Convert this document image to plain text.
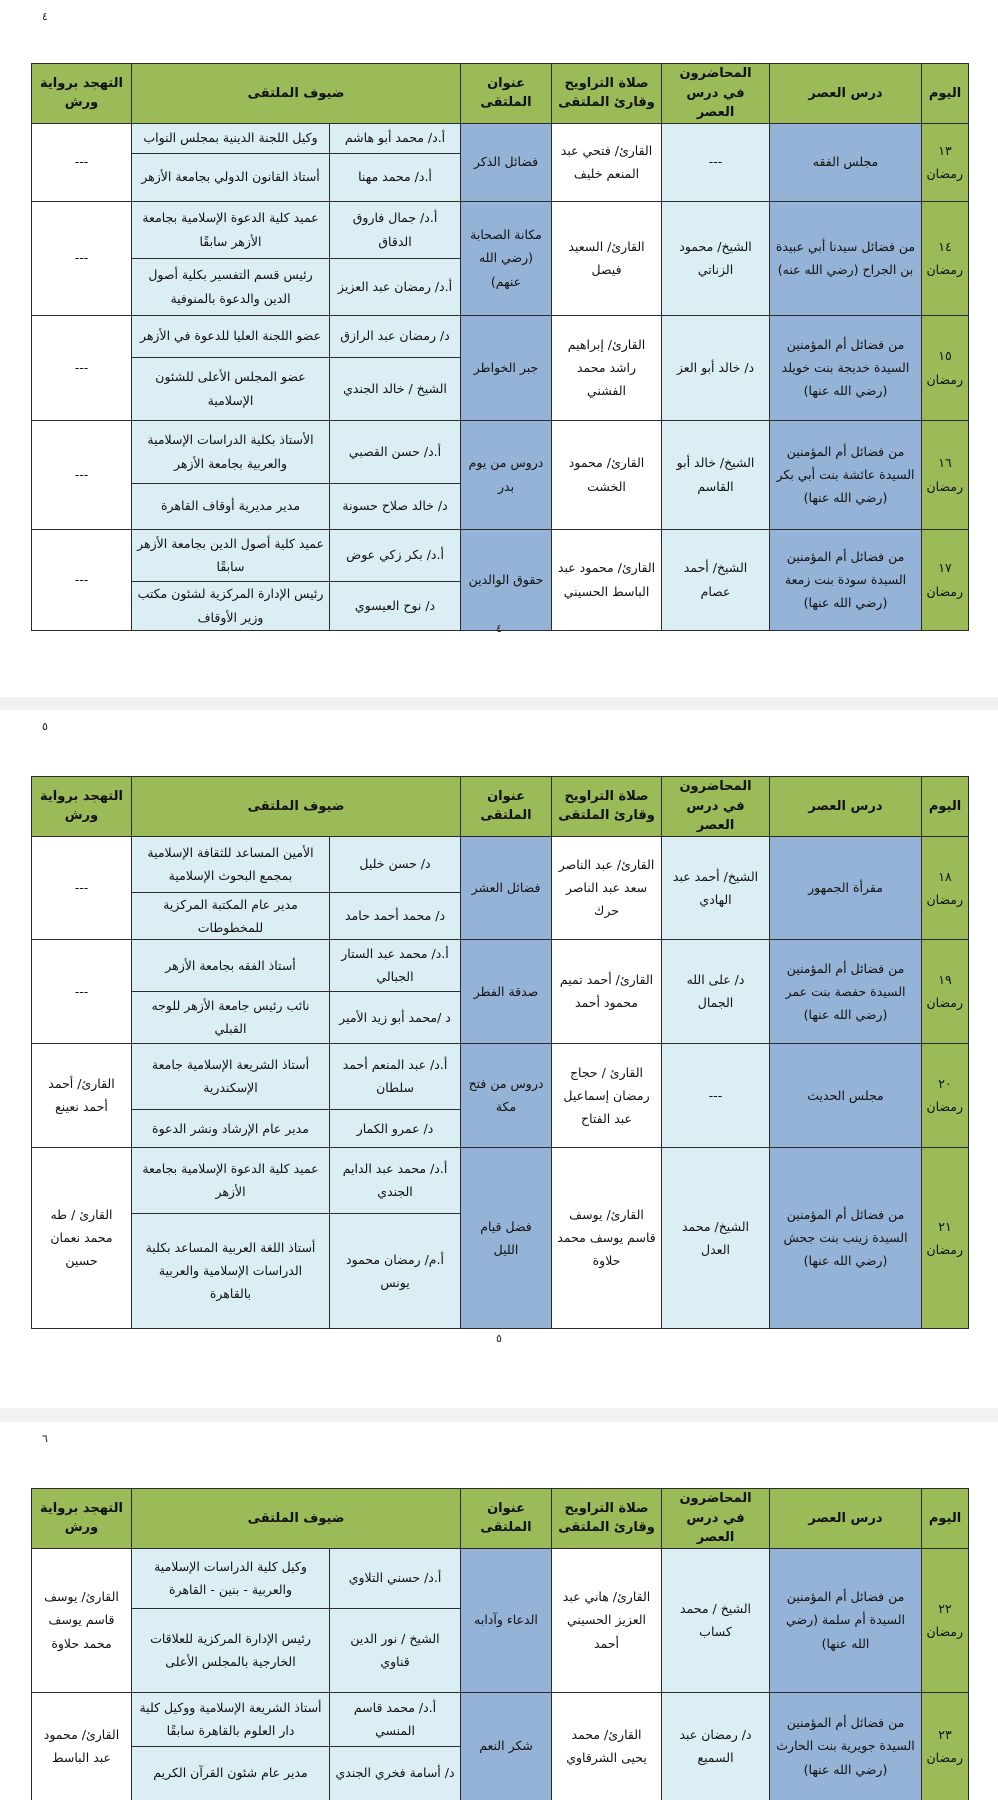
٤
اليوم	درس العصر	المحاضرون في درس العصر	صلاة التراويح وقارئ الملتقى	عنوان الملتقى	ضيوف الملتقى		التهجد برواية ورش
١٣ رمضان	مجلس الفقه	---	القارئ/ فتحي عبد المنعم خليف	فضائل الذكر	أ.د/ محمد أبو هاشم	وكيل اللجنة الدينية بمجلس النواب	---
					أ.د/ محمد مهنا	أستاذ القانون الدولي بجامعة الأزهر	
١٤ رمضان	من فضائل سيدنا أبي عبيدة بن الجراح (رضي الله عنه)	الشيخ/ محمود الزناتي	القارئ/ السعيد فيصل	مكانة الصحابة (رضي الله عنهم)	أ.د/ جمال فاروق الدقاق	عميد كلية الدعوة الإسلامية بجامعة الأزهر سابقًا	---
					أ.د/ رمضان عبد العزيز	رئيس قسم التفسير بكلية أصول الدين والدعوة بالمنوفية	
١٥ رمضان	من فضائل أم المؤمنين السيدة خديجة بنت خويلد (رضي الله عنها)	د/ خالد أبو العز	القارئ/ إبراهيم راشد محمد الفشني	جبر الخواطر	د/ رمضان عبد الرازق	عضو اللجنة العليا للدعوة في الأزهر	---
					الشيخ / خالد الجندي	عضو المجلس الأعلى للشئون الإسلامية	
١٦ رمضان	من فضائل أم المؤمنين السيدة عائشة بنت أبي بكر (رضي الله عنها)	الشيخ/ خالد أبو القاسم	القارئ/ محمود الخشت	دروس من يوم بدر	أ.د/ حسن القصبي	الأستاذ بكلية الدراسات الإسلامية والعربية بجامعة الأزهر	---
					د/ خالد صلاح حسونة	مدير مديرية أوقاف القاهرة	
١٧ رمضان	من فضائل أم المؤمنين السيدة سودة بنت زمعة (رضي الله عنها)	الشيخ/ أحمد عصام	القارئ/ محمود عبد الباسط الحسيني	حقوق الوالدين	أ.د/ بكر زكي عوض	عميد كلية أصول الدين بجامعة الأزهر سابقًا	---
					د/ نوح العيسوي	رئيس الإدارة المركزية لشئون مكتب وزير الأوقاف	
٤
٥
اليوم	درس العصر	المحاضرون في درس العصر	صلاة التراويح وقارئ الملتقى	عنوان الملتقى	ضيوف الملتقى		التهجد برواية ورش
١٨ رمضان	مقرأة الجمهور	الشيخ/ أحمد عبد الهادي	القارئ/ عبد الناصر سعد عبد الناصر حرك	فضائل العشر	د/ حسن خليل	الأمين المساعد للثقافة الإسلامية بمجمع البحوث الإسلامية	---
					د/ محمد أحمد حامد	مدير عام المكتبة المركزية للمخطوطات	
١٩ رمضان	من فضائل أم المؤمنين السيدة حفصة بنت عمر (رضي الله عنها)	د/ على الله الجمال	القارئ/ أحمد تميم محمود أحمد	صدقة الفطر	أ.د/ محمد عبد الستار الجبالي	أستاذ الفقه بجامعة الأزهر	---
					د /محمد أبو زيد الأمير	نائب رئيس جامعة الأزهر للوجه القبلي	
٢٠ رمضان	مجلس الحديث	---	القارئ / حجاج رمضان إسماعيل عبد الفتاح	دروس من فتح مكة	أ.د/ عبد المنعم أحمد سلطان	أستاذ الشريعة الإسلامية جامعة الإسكندرية	القارئ/ أحمد أحمد نعينع
					د/ عمرو الكمار	مدير عام الإرشاد ونشر الدعوة	
٢١ رمضان	من فضائل أم المؤمنين السيدة زينب بنت جحش (رضي الله عنها)	الشيخ/ محمد العدل	القارئ/ يوسف قاسم يوسف محمد حلاوة	فضل قيام الليل	أ.د/ محمد عبد الدايم الجندي	عميد كلية الدعوة الإسلامية بجامعة الأزهر	القارئ / طه محمد نعمان حسين
					أ.م/ رمضان محمود يونس	أستاذ اللغة العربية المساعد بكلية الدراسات الإسلامية والعربية بالقاهرة	
٥
٦
اليوم	درس العصر	المحاضرون في درس العصر	صلاة التراويح وقارئ الملتقى	عنوان الملتقى	ضيوف الملتقى		التهجد برواية ورش
٢٢ رمضان	من فضائل أم المؤمنين السيدة أم سلمة (رضي الله عنها)	الشيخ / محمد كساب	القارئ/ هاني عبد العزيز الحسيني أحمد	الدعاء وآدابه	أ.د/ حسني التلاوي	وكيل كلية الدراسات الإسلامية والعربية - بنين - القاهرة	القارئ/ يوسف قاسم يوسف محمد حلاوة
					الشيخ / نور الدين قناوي	رئيس الإدارة المركزية للعلاقات الخارجية بالمجلس الأعلى	
٢٣ رمضان	من فضائل أم المؤمنين السيدة جويرية بنت الحارث (رضي الله عنها)	د/ رمضان عبد السميع	القارئ/ محمد يحيى الشرقاوي	شكر النعم	أ.د/ محمد قاسم المنسي	أستاذ الشريعة الإسلامية ووكيل كلية دار العلوم بالقاهرة سابقًا	القارئ/ محمود عبد الباسط
					د/ أسامة فخري الجندي	مدير عام شئون القرآن الكريم	
